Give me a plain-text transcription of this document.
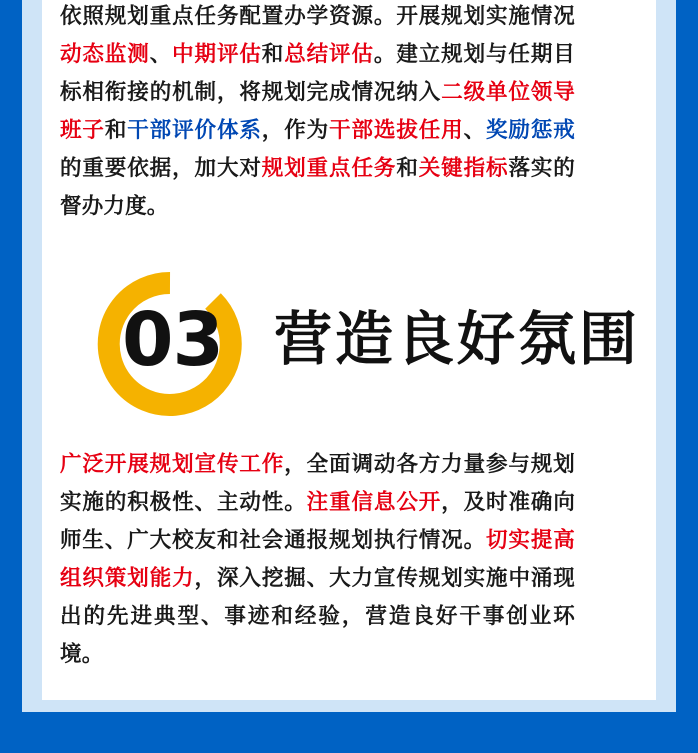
依照规划重点任务配置办学资源。开展规划实施情况动态监测、中期评估和总结评估。建立规划与任期目标相衔接的机制，将规划完成情况纳入二级单位领导班子和干部评价体系，作为干部选拔任用、奖励惩戒的重要依据，加大对规划重点任务和关键指标落实的督办力度。
03 营造良好氛围
广泛开展规划宣传工作，全面调动各方力量参与规划实施的积极性、主动性。注重信息公开，及时准确向师生、广大校友和社会通报规划执行情况。切实提高组织策划能力，深入挖掘、大力宣传规划实施中涌现出的先进典型、事迹和经验，营造良好干事创业环境。
